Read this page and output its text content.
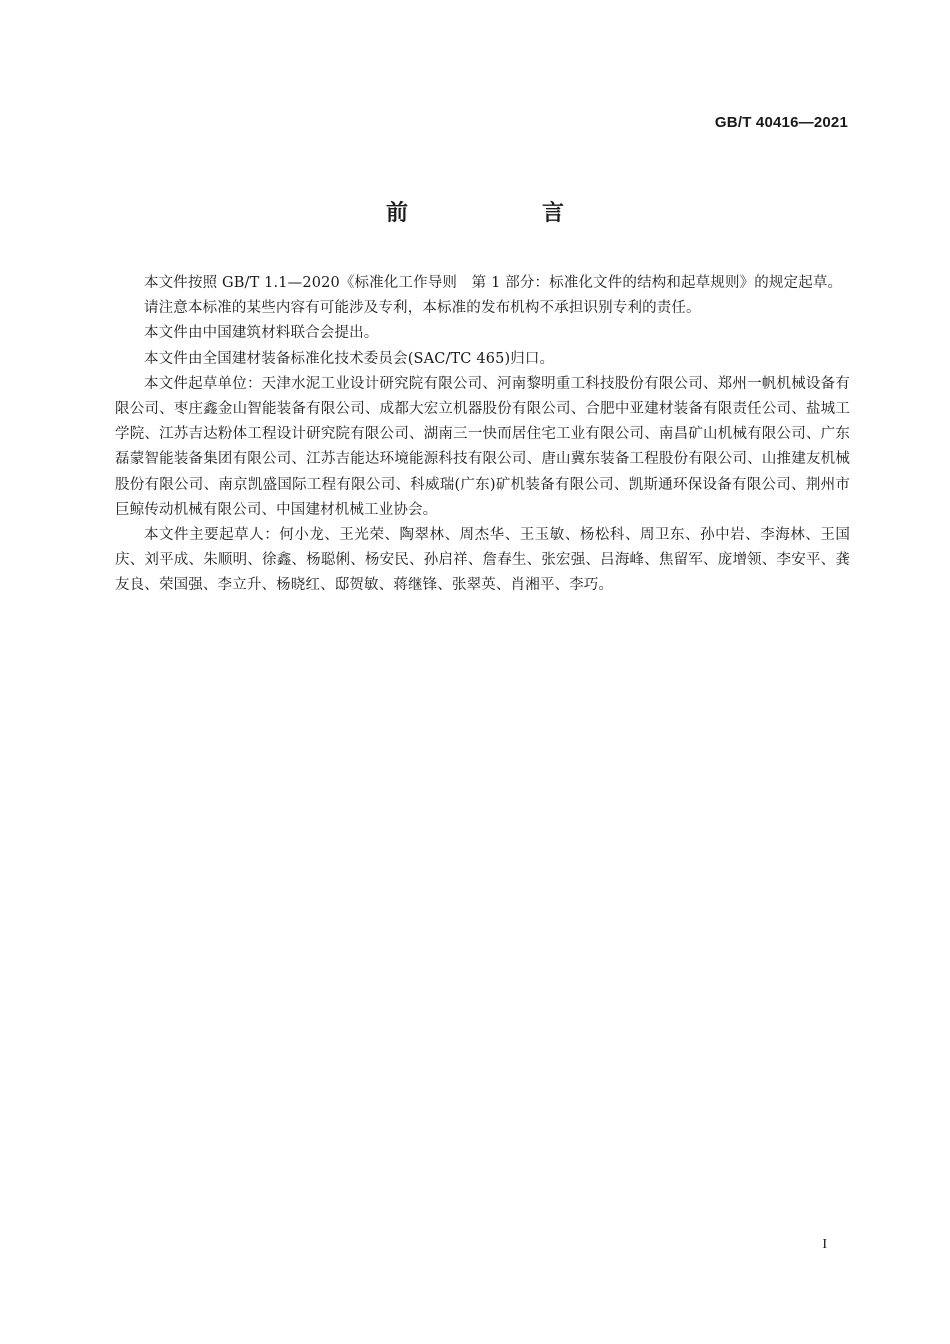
GB/T 40416—2021

前　言

本文件按照 GB/T 1.1—2020《标准化工作导则　第 1 部分：标准化文件的结构和起草规则》的规定起草。

请注意本标准的某些内容有可能涉及专利，本标准的发布机构不承担识别专利的责任。

本文件由中国建筑材料联合会提出。

本文件由全国建材装备标准化技术委员会(SAC/TC 465)归口。

本文件起草单位：天津水泥工业设计研究院有限公司、河南黎明重工科技股份有限公司、郑州一帆机械设备有限公司、枣庄鑫金山智能装备有限公司、成都大宏立机器股份有限公司、合肥中亚建材装备有限责任公司、盐城工学院、江苏吉达粉体工程设计研究院有限公司、湖南三一快而居住宅工业有限公司、南昌矿山机械有限公司、广东磊蒙智能装备集团有限公司、江苏吉能达环境能源科技有限公司、唐山冀东装备工程股份有限公司、山推建友机械股份有限公司、南京凯盛国际工程有限公司、科威瑞(广东)矿机装备有限公司、凯斯通环保设备有限公司、荆州市巨鲸传动机械有限公司、中国建材机械工业协会。

本文件主要起草人：何小龙、王光荣、陶翠林、周杰华、王玉敏、杨松科、周卫东、孙中岩、李海林、王国庆、刘平成、朱顺明、徐鑫、杨聪俐、杨安民、孙启祥、詹春生、张宏强、吕海峰、焦留军、庞增领、李安平、龚友良、荣国强、李立升、杨晓红、邸贺敏、蒋继锋、张翠英、肖湘平、李巧。

I
